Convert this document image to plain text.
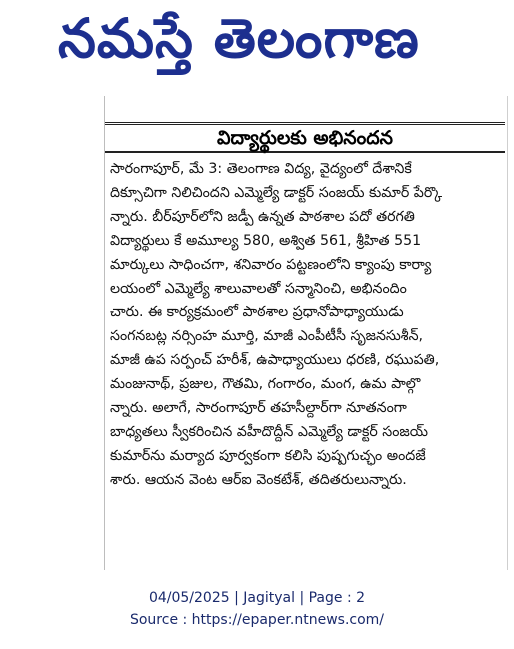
నమస్తే తెలంగాణ
విద్యార్థులకు అభినందన
సారంగాపూర్, మే 3: తెలంగాణ విద్య, వైద్యంలో దేశానికే
దిక్సూచిగా నిలిచిందని ఎమ్మెల్యే డాక్టర్ సంజయ్ కుమార్ పేర్కొ
న్నారు. బీర్‌పూర్‌లోని జడ్పీ ఉన్నత పాఠశాల పదో తరగతి
విద్యార్థులు కే అమూల్య 580, అశ్విత 561, శ్రీహిత 551
మార్కులు సాధించగా, శనివారం పట్టణంలోని క్యాంపు కార్యా
లయంలో ఎమ్మెల్యే శాలువాలతో సన్మానించి, అభినందిం
చారు. ఈ కార్యక్రమంలో పాఠశాల ప్రధానోపాధ్యాయుడు
సంగనబట్ల నర్సింహ మూర్తి, మాజీ ఎంపీటీసీ సృజనసుశీన్,
మాజీ ఉప సర్పంచ్ హరీశ్, ఉపాధ్యాయులు ధరణి, రఘుపతి,
మంజునాథ్, ప్రజుల, గౌతమి, గంగారం, మంగ, ఉమ పాల్గొ
న్నారు. అలాగే, సారంగాపూర్ తహసీల్దార్‌గా నూతనంగా
బాధ్యతలు స్వీకరించిన వహీదొద్దీన్ ఎమ్మెల్యే డాక్టర్ సంజయ్
కుమార్‌ను మర్యాద పూర్వకంగా కలిసి పుష్పగుచ్ఛం అందజే
శారు. ఆయన వెంట ఆర్ఐ వెంకటేశ్, తదితరులున్నారు.
04/05/2025 | Jagityal | Page : 2
Source : https://epaper.ntnews.com/
